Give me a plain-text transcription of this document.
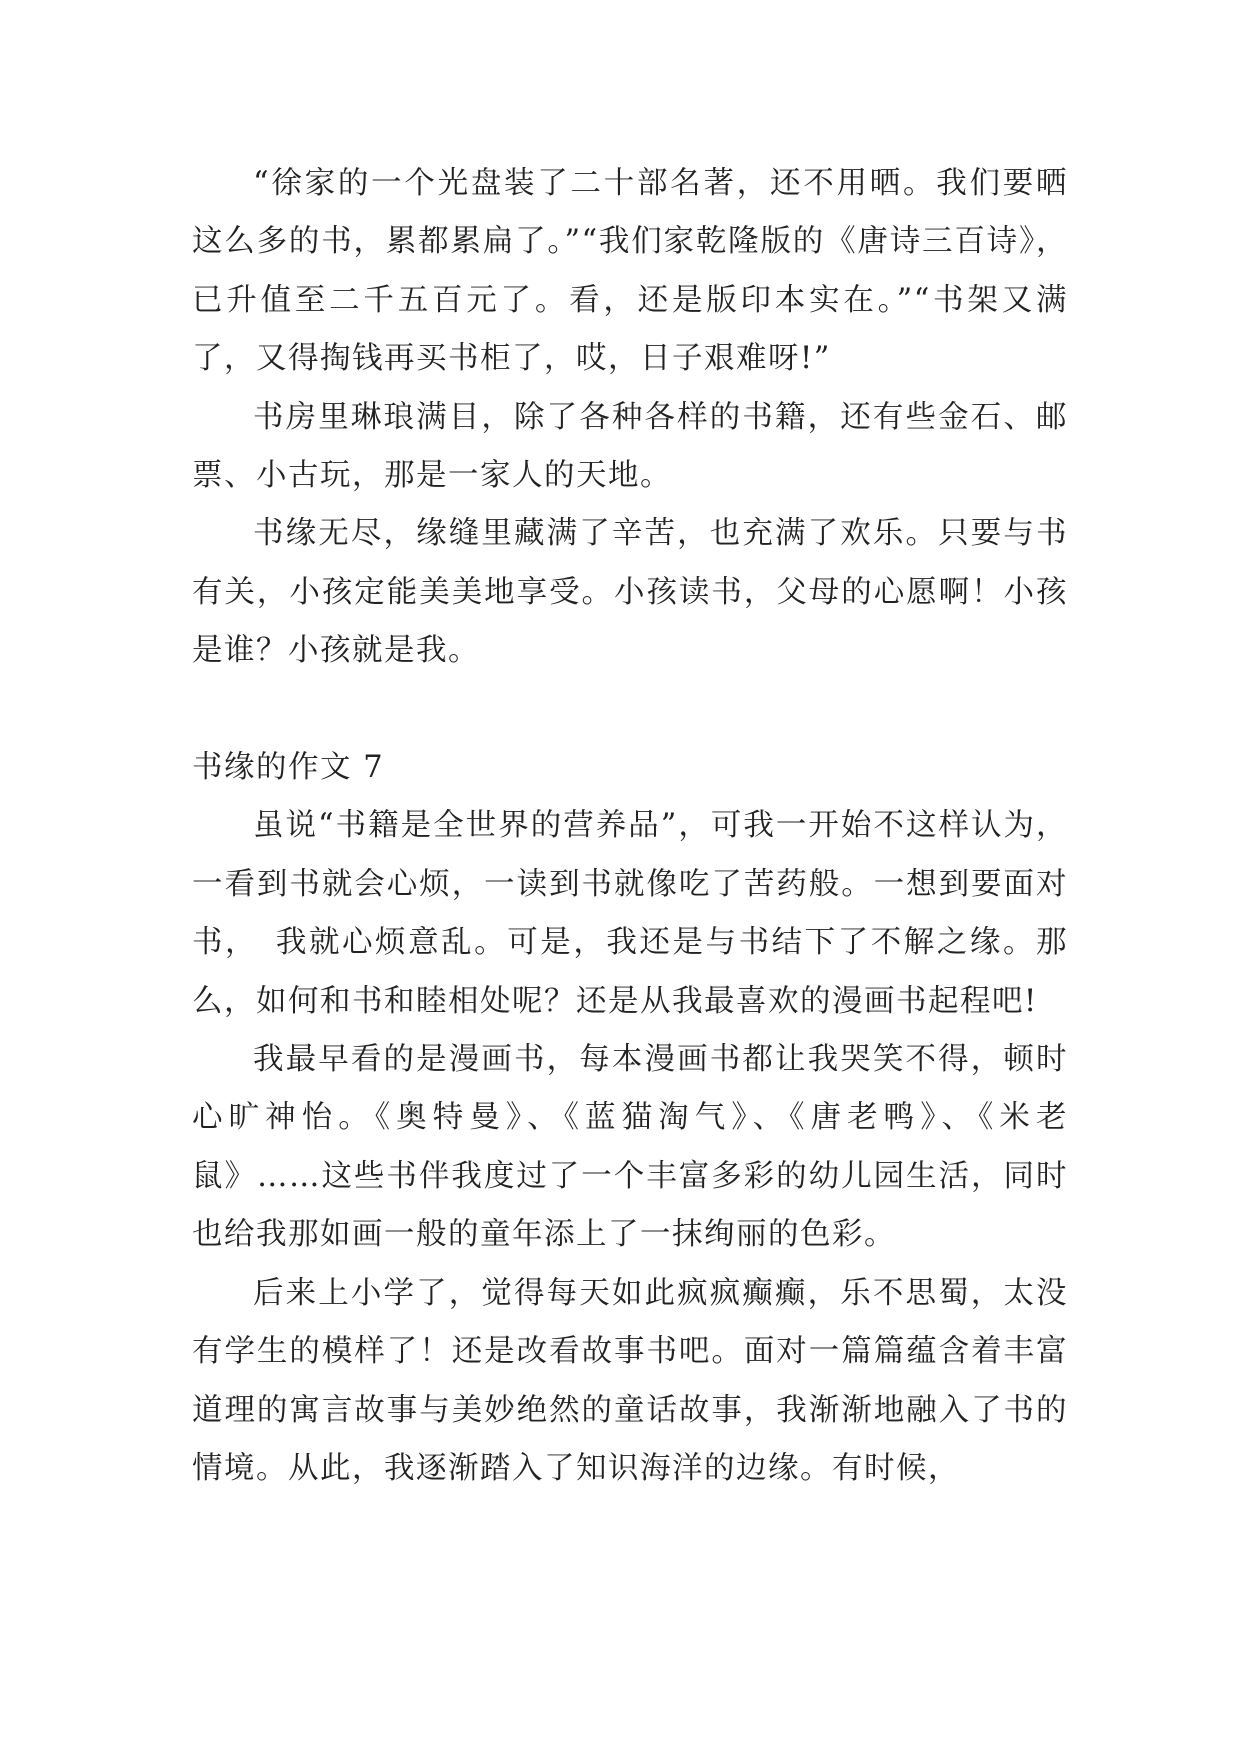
“徐家的一个光盘装了二十部名著，还不用晒。我们要晒这么多的书，累都累扁了。”“我们家乾隆版的《唐诗三百诗》，已升值至二千五百元了。看，还是版印本实在。”“书架又满了，又得掏钱再买书柜了，哎，日子艰难呀!”

书房里琳琅满目，除了各种各样的书籍，还有些金石、邮票、小古玩，那是一家人的天地。

书缘无尽，缘缝里藏满了辛苦，也充满了欢乐。只要与书有关，小孩定能美美地享受。小孩读书，父母的心愿啊！小孩是谁？小孩就是我。

书缘的作文 7

虽说“书籍是全世界的营养品”，可我一开始不这样认为，一看到书就会心烦，一读到书就像吃了苦药般。一想到要面对书，　我就心烦意乱。可是，我还是与书结下了不解之缘。那么，如何和书和睦相处呢？还是从我最喜欢的漫画书起程吧!

我最早看的是漫画书，每本漫画书都让我哭笑不得，顿时心旷神怡。《奥特曼》、《蓝猫淘气》、《唐老鸭》、《米老鼠》……这些书伴我度过了一个丰富多彩的幼儿园生活，同时也给我那如画一般的童年添上了一抹绚丽的色彩。

后来上小学了，觉得每天如此疯疯癫癫，乐不思蜀，太没有学生的模样了！还是改看故事书吧。面对一篇篇蕴含着丰富道理的寓言故事与美妙绝然的童话故事，我渐渐地融入了书的情境。从此，我逐渐踏入了知识海洋的边缘。有时候，
